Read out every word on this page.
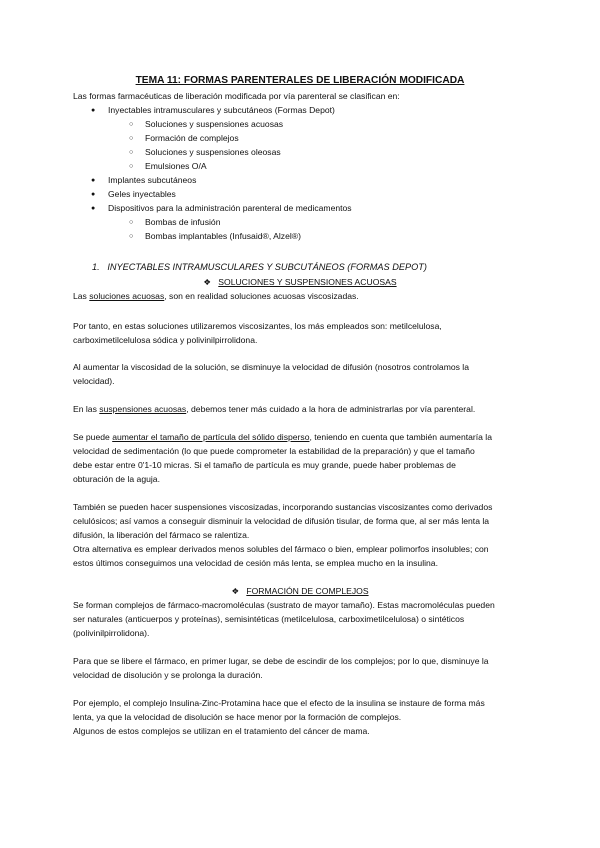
TEMA 11: FORMAS PARENTERALES DE LIBERACIÓN MODIFICADA
Las formas farmacéuticas de liberación modificada por vía parenteral se clasifican en:
● Inyectables intramusculares y subcutáneos (Formas Depot)
○ Soluciones y suspensiones acuosas
○ Formación de complejos
○ Soluciones y suspensiones oleosas
○ Emulsiones O/A
● Implantes subcutáneos
● Geles inyectables
● Dispositivos para la administración parenteral de medicamentos
○ Bombas de infusión
○ Bombas implantables (Infusaid®, Alzel®)
1. INYECTABLES INTRAMUSCULARES Y SUBCUTÁNEOS (FORMAS DEPOT)
❖ SOLUCIONES Y SUSPENSIONES ACUOSAS
Las soluciones acuosas, son en realidad soluciones acuosas viscosizadas.
Por tanto, en estas soluciones utilizaremos viscosizantes, los más empleados son: metilcelulosa,
carboximetilcelulosa sódica y polivinilpirrolidona.
Al aumentar la viscosidad de la solución, se disminuye la velocidad de difusión (nosotros controlamos la
velocidad).
En las suspensiones acuosas, debemos tener más cuidado a la hora de administrarlas por vía parenteral.
Se puede aumentar el tamaño de partícula del sólido disperso, teniendo en cuenta que también aumentaría la
velocidad de sedimentación (lo que puede comprometer la estabilidad de la preparación) y que el tamaño
debe estar entre 0'1-10 micras. Si el tamaño de partícula es muy grande, puede haber problemas de
obturación de la aguja.
También se pueden hacer suspensiones viscosizadas, incorporando sustancias viscosizantes como derivados
celulósicos; así vamos a conseguir disminuir la velocidad de difusión tisular, de forma que, al ser más lenta la
difusión, la liberación del fármaco se ralentiza.
Otra alternativa es emplear derivados menos solubles del fármaco o bien, emplear polimorfos insolubles; con
estos últimos conseguimos una velocidad de cesión más lenta, se emplea mucho en la insulina.
❖ FORMACIÓN DE COMPLEJOS
Se forman complejos de fármaco-macromoléculas (sustrato de mayor tamaño). Estas macromoléculas pueden
ser naturales (anticuerpos y proteínas), semisintéticas (metilcelulosa, carboximetilcelulosa) o sintéticos
(polivinilpirrolidona).
Para que se libere el fármaco, en primer lugar, se debe de escindir de los complejos; por lo que, disminuye la
velocidad de disolución y se prolonga la duración.
Por ejemplo, el complejo Insulina-Zinc-Protamina hace que el efecto de la insulina se instaure de forma más
lenta, ya que la velocidad de disolución se hace menor por la formación de complejos.
Algunos de estos complejos se utilizan en el tratamiento del cáncer de mama.
